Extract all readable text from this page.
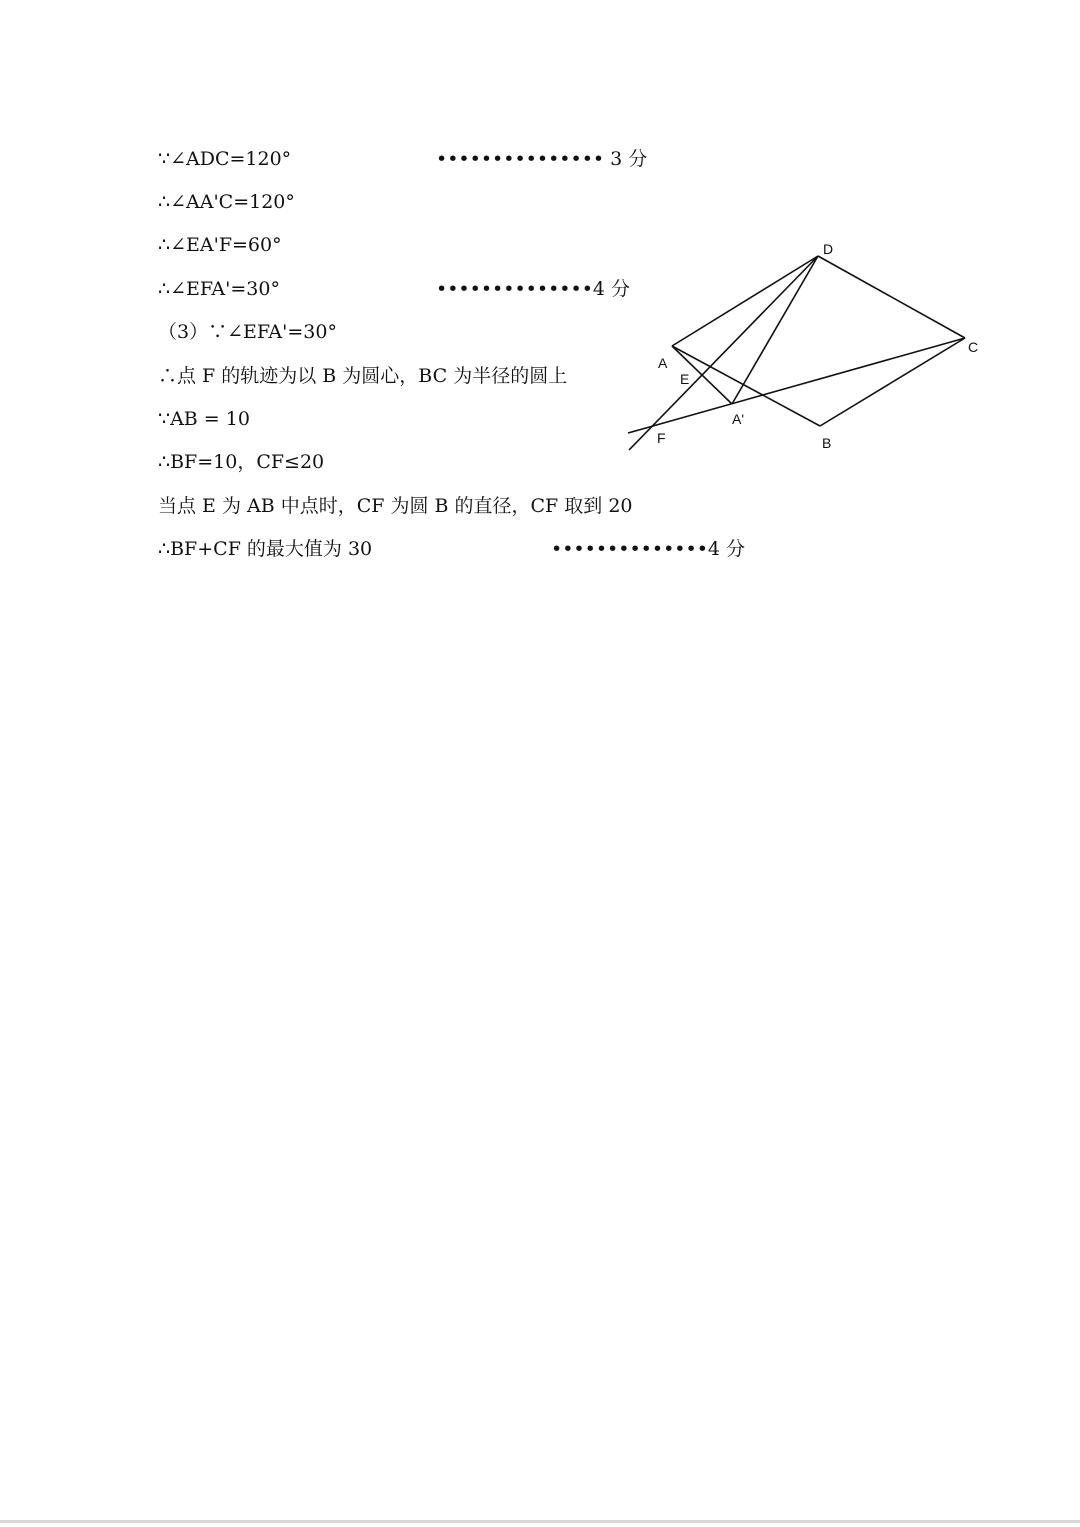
∵∠ADC=120°	••••••••••••••• 3 分
∴∠AA'C=120°
∴∠EA'F=60°
∴∠EFA'=30°	••••••••••••••4 分
（3）∵∠EFA'=30°
∴点 F 的轨迹为以 B 为圆心，BC 为半径的圆上
∵AB = 10
∴BF=10，CF≤20
当点 E 为 AB 中点时，CF 为圆 B 的直径，CF 取到 20
∴BF+CF 的最大值为 30	••••••••••••••4 分
D
A
E
A'
F	B
C
